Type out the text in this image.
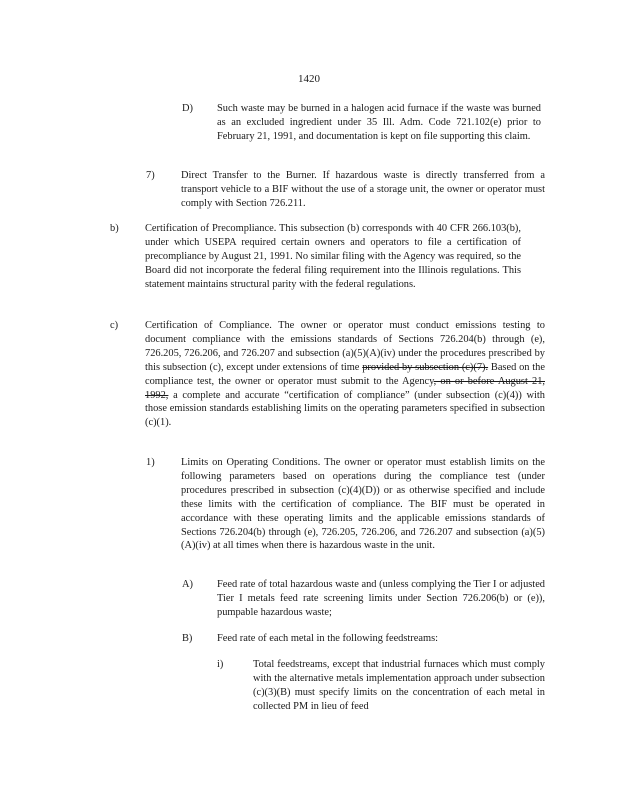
1420
D) Such waste may be burned in a halogen acid furnace if the waste was burned as an excluded ingredient under 35 Ill. Adm. Code 721.102(e) prior to February 21, 1991, and documentation is kept on file supporting this claim.
7)	Direct Transfer to the Burner. If hazardous waste is directly transferred from a transport vehicle to a BIF without the use of a storage unit, the owner or operator must comply with Section 726.211.
b)	Certification of Precompliance. This subsection (b) corresponds with 40 CFR 266.103(b), under which USEPA required certain owners and operators to file a certification of precompliance by August 21, 1991. No similar filing with the Agency was required, so the Board did not incorporate the federal filing requirement into the Illinois regulations. This statement maintains structural parity with the federal regulations.
c)	Certification of Compliance. The owner or operator must conduct emissions testing to document compliance with the emissions standards of Sections 726.204(b) through (e), 726.205, 726.206, and 726.207 and subsection (a)(5)(A)(iv) under the procedures prescribed by this subsection (c), except under extensions of time provided by subsection (c)(7). Based on the compliance test, the owner or operator must submit to the Agency, on or before August 21, 1992, a complete and accurate “certification of compliance” (under subsection (c)(4)) with those emission standards establishing limits on the operating parameters specified in subsection (c)(1).
1)	Limits on Operating Conditions. The owner or operator must establish limits on the following parameters based on operations during the compliance test (under procedures prescribed in subsection (c)(4)(D)) or as otherwise specified and include these limits with the certification of compliance. The BIF must be operated in accordance with these operating limits and the applicable emissions standards of Sections 726.204(b) through (e), 726.205, 726.206, and 726.207 and subsection (a)(5)(A)(iv) at all times when there is hazardous waste in the unit.
A) Feed rate of total hazardous waste and (unless complying the Tier I or adjusted Tier I metals feed rate screening limits under Section 726.206(b) or (e)), pumpable hazardous waste;
B) Feed rate of each metal in the following feedstreams:
i)	Total feedstreams, except that industrial furnaces which must comply with the alternative metals implementation approach under subsection (c)(3)(B) must specify limits on the concentration of each metal in collected PM in lieu of feed
